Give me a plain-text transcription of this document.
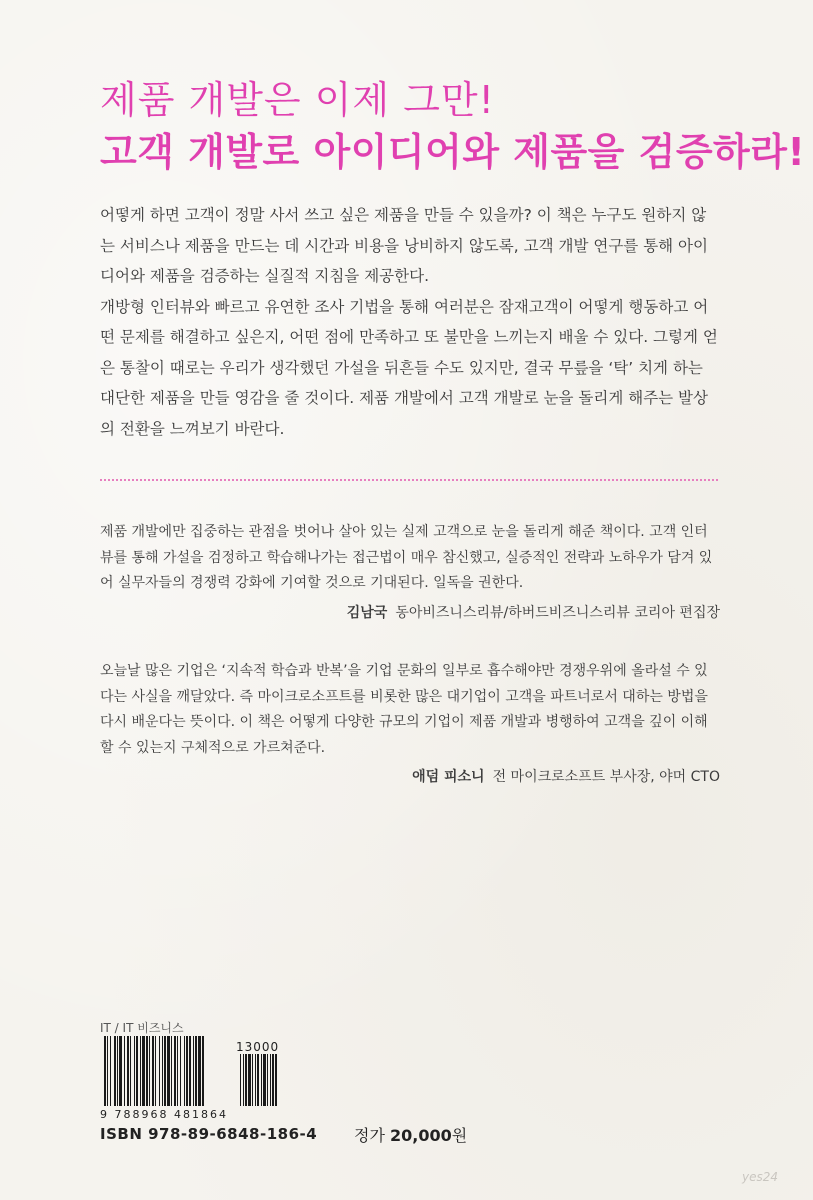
제품 개발은 이제 그만!
고객 개발로 아이디어와 제품을 검증하라!

어떻게 하면 고객이 정말 사서 쓰고 싶은 제품을 만들 수 있을까? 이 책은 누구도 원하지 않는 서비스나 제품을 만드는 데 시간과 비용을 낭비하지 않도록, 고객 개발 연구를 통해 아이디어와 제품을 검증하는 실질적 지침을 제공한다.

개방형 인터뷰와 빠르고 유연한 조사 기법을 통해 여러분은 잠재고객이 어떻게 행동하고 어떤 문제를 해결하고 싶은지, 어떤 점에 만족하고 또 불만을 느끼는지 배울 수 있다. 그렇게 얻은 통찰이 때로는 우리가 생각했던 가설을 뒤흔들 수도 있지만, 결국 무릎을 ‘탁’ 치게 하는 대단한 제품을 만들 영감을 줄 것이다. 제품 개발에서 고객 개발로 눈을 돌리게 해주는 발상의 전환을 느껴보기 바란다.

제품 개발에만 집중하는 관점을 벗어나 살아 있는 실제 고객으로 눈을 돌리게 해준 책이다. 고객 인터뷰를 통해 가설을 검정하고 학습해나가는 접근법이 매우 참신했고, 실증적인 전략과 노하우가 담겨 있어 실무자들의 경쟁력 강화에 기여할 것으로 기대된다. 일독을 권한다.

김남국 동아비즈니스리뷰/하버드비즈니스리뷰 코리아 편집장

오늘날 많은 기업은 ‘지속적 학습과 반복’을 기업 문화의 일부로 흡수해야만 경쟁우위에 올라설 수 있다는 사실을 깨달았다. 즉 마이크로소프트를 비롯한 많은 대기업이 고객을 파트너로서 대하는 방법을 다시 배운다는 뜻이다. 이 책은 어떻게 다양한 규모의 기업이 제품 개발과 병행하여 고객을 깊이 이해할 수 있는지 구체적으로 가르쳐준다.

애덤 피소니 전 마이크로소프트 부사장, 야머 CTO
IT / IT 비즈니스
13000
9 788968 481864
ISBN 978-89-6848-186-4 정가 20,000원
yes24
